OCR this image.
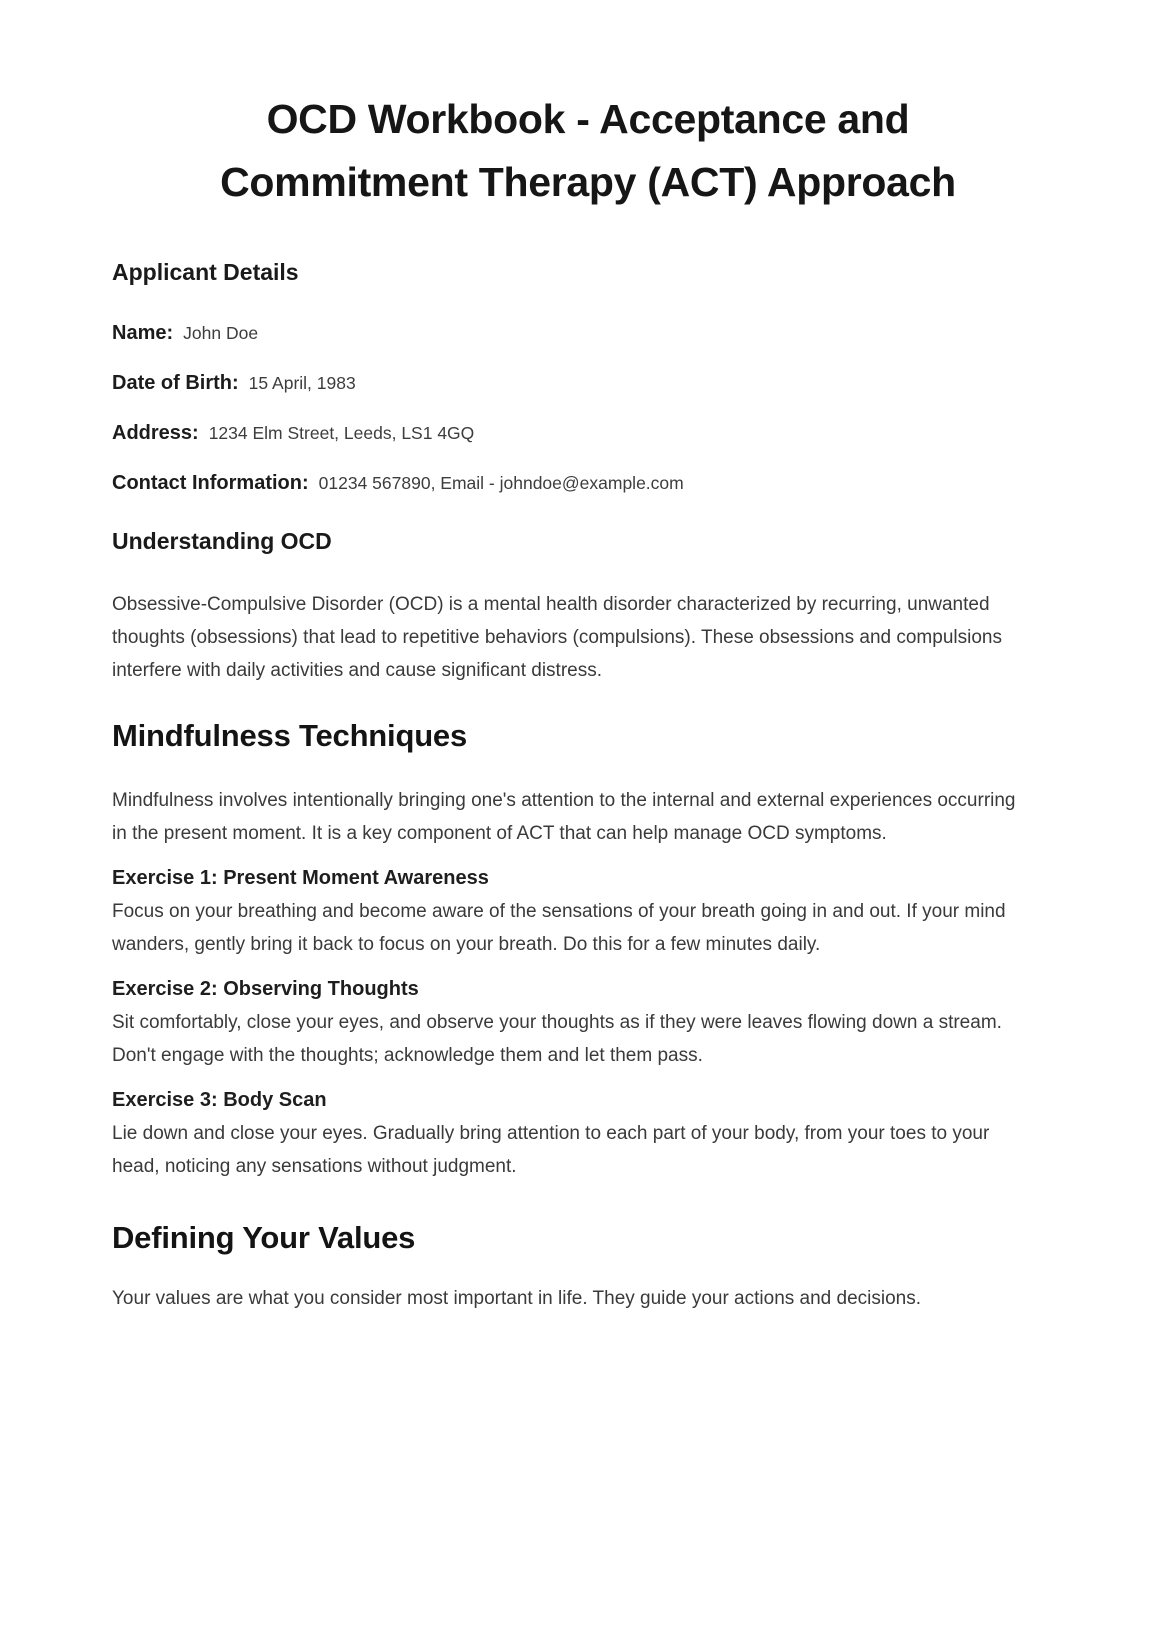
OCD Workbook - Acceptance and Commitment Therapy (ACT) Approach
Applicant Details
Name: John Doe
Date of Birth: 15 April, 1983
Address: 1234 Elm Street, Leeds, LS1 4GQ
Contact Information: 01234 567890, Email - johndoe@example.com
Understanding OCD

Obsessive-Compulsive Disorder (OCD) is a mental health disorder characterized by recurring, unwanted thoughts (obsessions) that lead to repetitive behaviors (compulsions). These obsessions and compulsions interfere with daily activities and cause significant distress.

Mindfulness Techniques

Mindfulness involves intentionally bringing one's attention to the internal and external experiences occurring in the present moment. It is a key component of ACT that can help manage OCD symptoms.

Exercise 1: Present Moment Awareness

Focus on your breathing and become aware of the sensations of your breath going in and out. If your mind wanders, gently bring it back to focus on your breath. Do this for a few minutes daily.

Exercise 2: Observing Thoughts

Sit comfortably, close your eyes, and observe your thoughts as if they were leaves flowing down a stream. Don't engage with the thoughts; acknowledge them and let them pass.

Exercise 3: Body Scan

Lie down and close your eyes. Gradually bring attention to each part of your body, from your toes to your head, noticing any sensations without judgment.

Defining Your Values

Your values are what you consider most important in life. They guide your actions and decisions.
